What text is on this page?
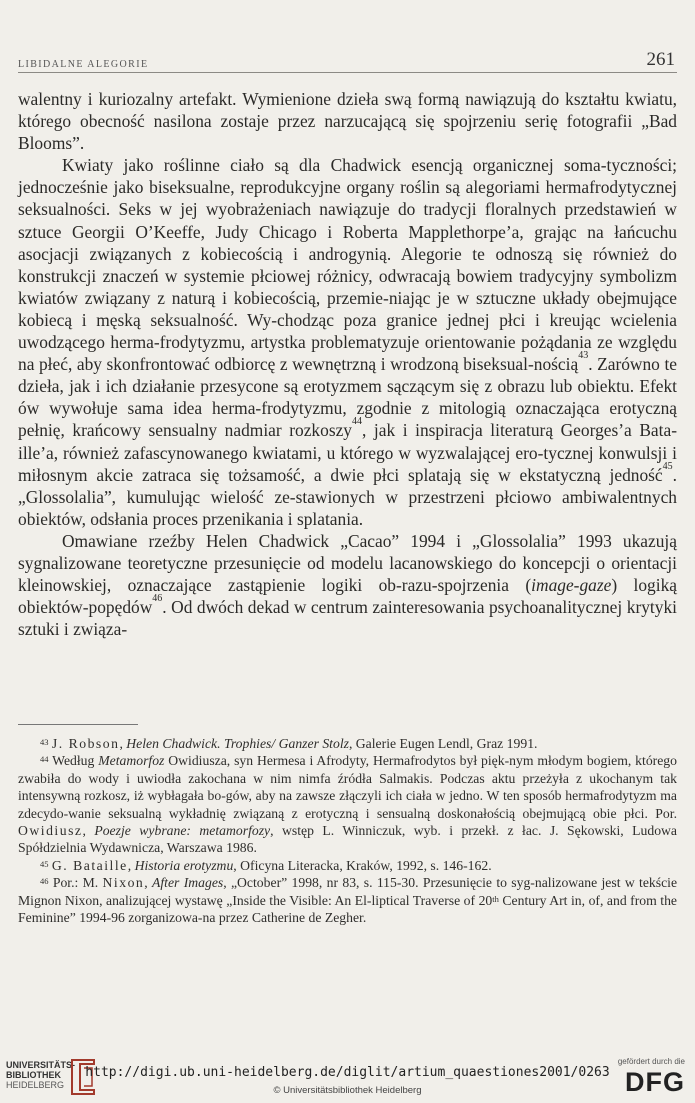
LIBIDALNE ALEGORIE	261

walentny i kuriozalny artefakt. Wymienione dzieła swą formą nawiązują do kształtu kwiatu, którego obecność nasilona zostaje przez narzucającą się spojrzeniu serię fotografii „Bad Blooms”.

Kwiaty jako roślinne ciało są dla Chadwick esencją organicznej soma-tyczności; jednocześnie jako biseksualne, reprodukcyjne organy roślin są alegoriami hermafrodytycznej seksualności. Seks w jej wyobrażeniach nawiązuje do tradycji floralnych przedstawień w sztuce Georgii O’Keeffe, Judy Chicago i Roberta Mapplethorpe’a, grając na łańcuchu asocjacji związanych z kobiecością i androgynią. Alegorie te odnoszą się również do konstrukcji znaczeń w systemie płciowej różnicy, odwracają bowiem tradycyjny symbolizm kwiatów związany z naturą i kobiecością, przemie-niając je w sztuczne układy obejmujące kobiecą i męską seksualność. Wy-chodząc poza granice jednej płci i kreując wcielenia uwodzącego herma-frodytyzmu, artystka problematyzuje orientowanie pożądania ze względu na płeć, aby skonfrontować odbiorcę z wewnętrzną i wrodzoną biseksual-nością$^{43}$. Zarówno te dzieła, jak i ich działanie przesycone są erotyzmem sączącym się z obrazu lub obiektu. Efekt ów wywołuje sama idea herma-frodytyzmu, zgodnie z mitologią oznaczająca erotyczną pełnię, krańcowy sensualny nadmiar rozkoszy$^{44}$, jak i inspiracja literaturą Georges’a Bata-ille’a, również zafascynowanego kwiatami, u którego w wyzwalającej ero-tycznej konwulsji i miłosnym akcie zatraca się tożsamość, a dwie płci splatają się w ekstatyczną jedność$^{45}$. „Glossolalia”, kumulując wielość ze-stawionych w przestrzeni płciowo ambiwalentnych obiektów, odsłania proces przenikania i splatania.

Omawiane rzeźby Helen Chadwick „Cacao” 1994 i „Glossolalia” 1993 ukazują sygnalizowane teoretyczne przesunięcie od modelu lacanowskiego do koncepcji o orientacji kleinowskiej, oznaczające zastąpienie logiki ob-razu-spojrzenia (image-gaze) logiką obiektów-popędów$^{46}$. Od dwóch dekad w centrum zainteresowania psychoanalitycznej krytyki sztuki i związa-

$^{43}$ J. Robson, Helen Chadwick. Trophies/ Ganzer Stolz, Galerie Eugen Lendl, Graz 1991.

$^{44}$ Według Metamorfoz Owidiusza, syn Hermesa i Afrodyty, Hermafrodytos był pięk-nym młodym bogiem, którego zwabiła do wody i uwiodła zakochana w nim nimfa źródła Salmakis. Podczas aktu przeżyła z ukochanym tak intensywną rozkosz, iż wybłagała bo-gów, aby na zawsze złączyli ich ciała w jedno. W ten sposób hermafrodytyzm ma zdecydo-wanie seksualną wykładnię związaną z erotyczną i sensualną doskonałością obejmującą obie płci. Por. Owidiusz, Poezje wybrane: metamorfozy, wstęp L. Winniczuk, wyb. i przekł. z łac. J. Sękowski, Ludowa Spółdzielnia Wydawnicza, Warszawa 1986.

$^{45}$ G. Bataille, Historia erotyzmu, Oficyna Literacka, Kraków, 1992, s. 146-162.

$^{46}$ Por.: M. Nixon, After Images, „October” 1998, nr 83, s. 115-30. Przesunięcie to syg-nalizowane jest w tekście Mignon Nixon, analizującej wystawę „Inside the Visible: An El-liptical Traverse of 20th Century Art in, of, and from the Feminine” 1994-96 zorganizowa-na przez Catherine de Zegher.

UNIVERSITÄTS-
BIBLIOTHEK
HEIDELBERG
http://digi.ub.uni-heidelberg.de/diglit/artium_quaestiones2001/0263
© Universitätsbibliothek Heidelberg
gefördert durch die
DFG
